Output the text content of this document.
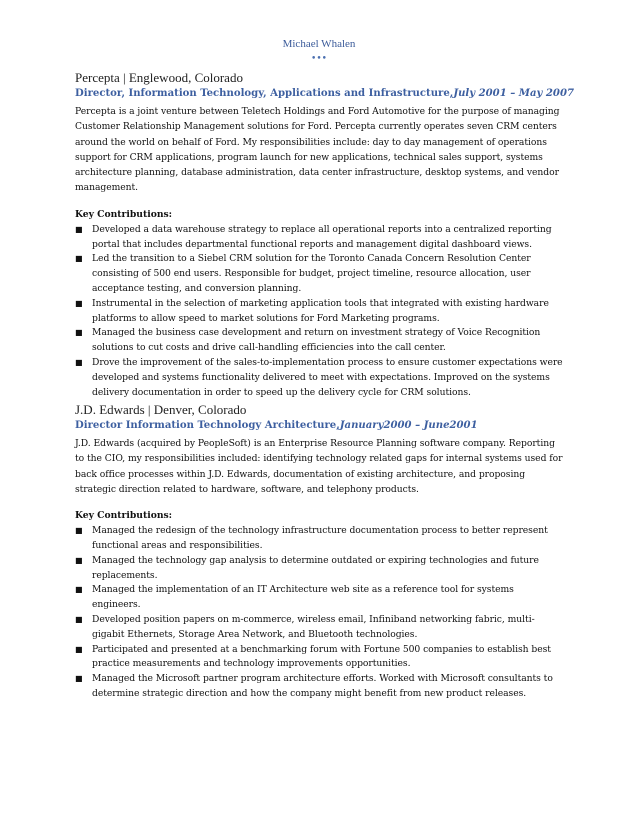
Michael Whalen
•••

Percepta | Englewood, Colorado

Director, Information Technology, Applications and Infrastructure,July 2001 – May 2007

Percepta is a joint venture between Teletech Holdings and Ford Automotive for the purpose of managing Customer Relationship Management solutions for Ford. Percepta currently operates seven CRM centers around the world on behalf of Ford. My responsibilities include: day to day management of operations support for CRM applications, program launch for new applications, technical sales support, systems architecture planning, database administration, data center infrastructure, desktop systems, and vendor management.

Key Contributions:

■ Developed a data warehouse strategy to replace all operational reports into a centralized reporting portal that includes departmental functional reports and management digital dashboard views.
■ Led the transition to a Siebel CRM solution for the Toronto Canada Concern Resolution Center consisting of 500 end users. Responsible for budget, project timeline, resource allocation, user acceptance testing, and conversion planning.
■ Instrumental in the selection of marketing application tools that integrated with existing hardware platforms to allow speed to market solutions for Ford Marketing programs.
■ Managed the business case development and return on investment strategy of Voice Recognition solutions to cut costs and drive call-handling efficiencies into the call center.
■ Drove the improvement of the sales-to-implementation process to ensure customer expectations were developed and systems functionality delivered to meet with expectations. Improved on the systems delivery documentation in order to speed up the delivery cycle for CRM solutions.

J.D. Edwards | Denver, Colorado

Director Information Technology Architecture,January2000 – June2001

J.D. Edwards (acquired by PeopleSoft) is an Enterprise Resource Planning software company. Reporting to the CIO, my responsibilities included: identifying technology related gaps for internal systems used for back office processes within J.D. Edwards, documentation of existing architecture, and proposing strategic direction related to hardware, software, and telephony products.

Key Contributions:

■ Managed the redesign of the technology infrastructure documentation process to better represent functional areas and responsibilities.
■ Managed the technology gap analysis to determine outdated or expiring technologies and future replacements.
■ Managed the implementation of an IT Architecture web site as a reference tool for systems engineers.
■ Developed position papers on m-commerce, wireless email, Infiniband networking fabric, multi-gigabit Ethernets, Storage Area Network, and Bluetooth technologies.
■ Participated and presented at a benchmarking forum with Fortune 500 companies to establish best practice measurements and technology improvements opportunities.
■ Managed the Microsoft partner program architecture efforts. Worked with Microsoft consultants to determine strategic direction and how the company might benefit from new product releases.
